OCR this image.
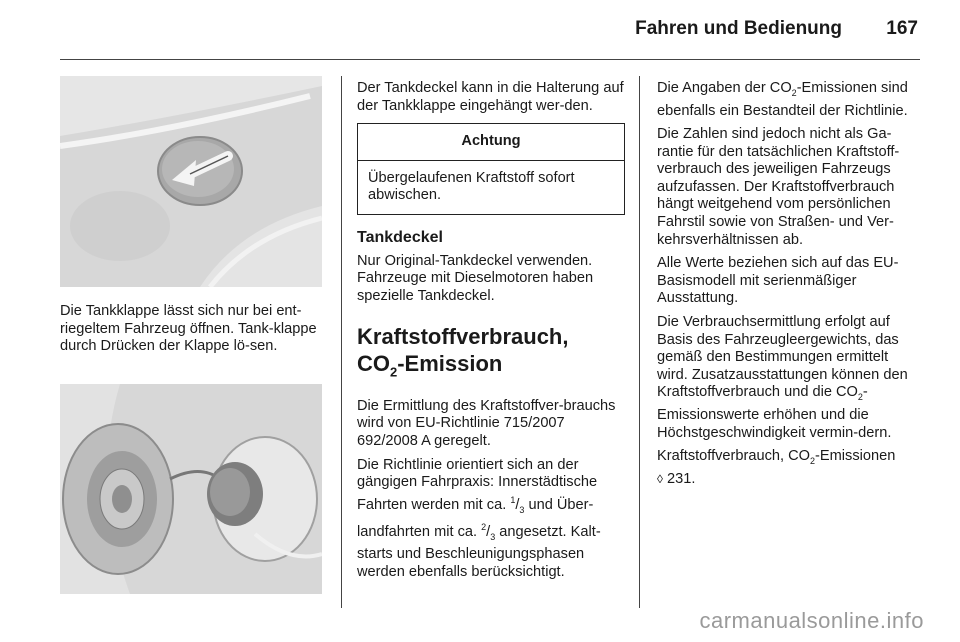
Fahren und Bedienung 167

Die Tankklappe lässt sich nur bei ent-riegeltem Fahrzeug öffnen. Tank-klappe durch Drücken der Klappe lö-sen.

Der Tankdeckel kann in die Halterung auf der Tankklappe eingehängt wer-den.

Achtung
Übergelaufenen Kraftstoff sofort abwischen.

Tankdeckel

Nur Original-Tankdeckel verwenden. Fahrzeuge mit Dieselmotoren haben spezielle Tankdeckel.

Kraftstoffverbrauch,
$CO_2$-Emission

Die Ermittlung des Kraftstoffver-brauchs wird von EU-Richtlinie 715/2007 692/2008 A geregelt.

Die Richtlinie orientiert sich an der gängigen Fahrpraxis: Innerstädtische Fahrten werden mit ca. $^1/_3$ und Über-landfahrten mit ca. $^2/_3$ angesetzt. Kalt-starts und Beschleunigungsphasen werden ebenfalls berücksichtigt.

Die Angaben der $CO_2$-Emissionen sind ebenfalls ein Bestandteil der Richtlinie.

Die Zahlen sind jedoch nicht als Ga-rantie für den tatsächlichen Kraftstoff-verbrauch des jeweiligen Fahrzeugs aufzufassen. Der Kraftstoffverbrauch hängt weitgehend vom persönlichen Fahrstil sowie von Straßen- und Ver-kehrsverhältnissen ab.

Alle Werte beziehen sich auf das EU-Basismodell mit serienmäßiger Ausstattung.

Die Verbrauchsermittlung erfolgt auf Basis des Fahrzeugleergewichts, das gemäß den Bestimmungen ermittelt wird. Zusatzausstattungen können den Kraftstoffverbrauch und die $CO_2$-Emissionswerte erhöhen und die Höchstgeschwindigkeit vermin-dern.

Kraftstoffverbrauch, $CO_2$-Emissionen
◊ 231.

carmanualsonline.info
